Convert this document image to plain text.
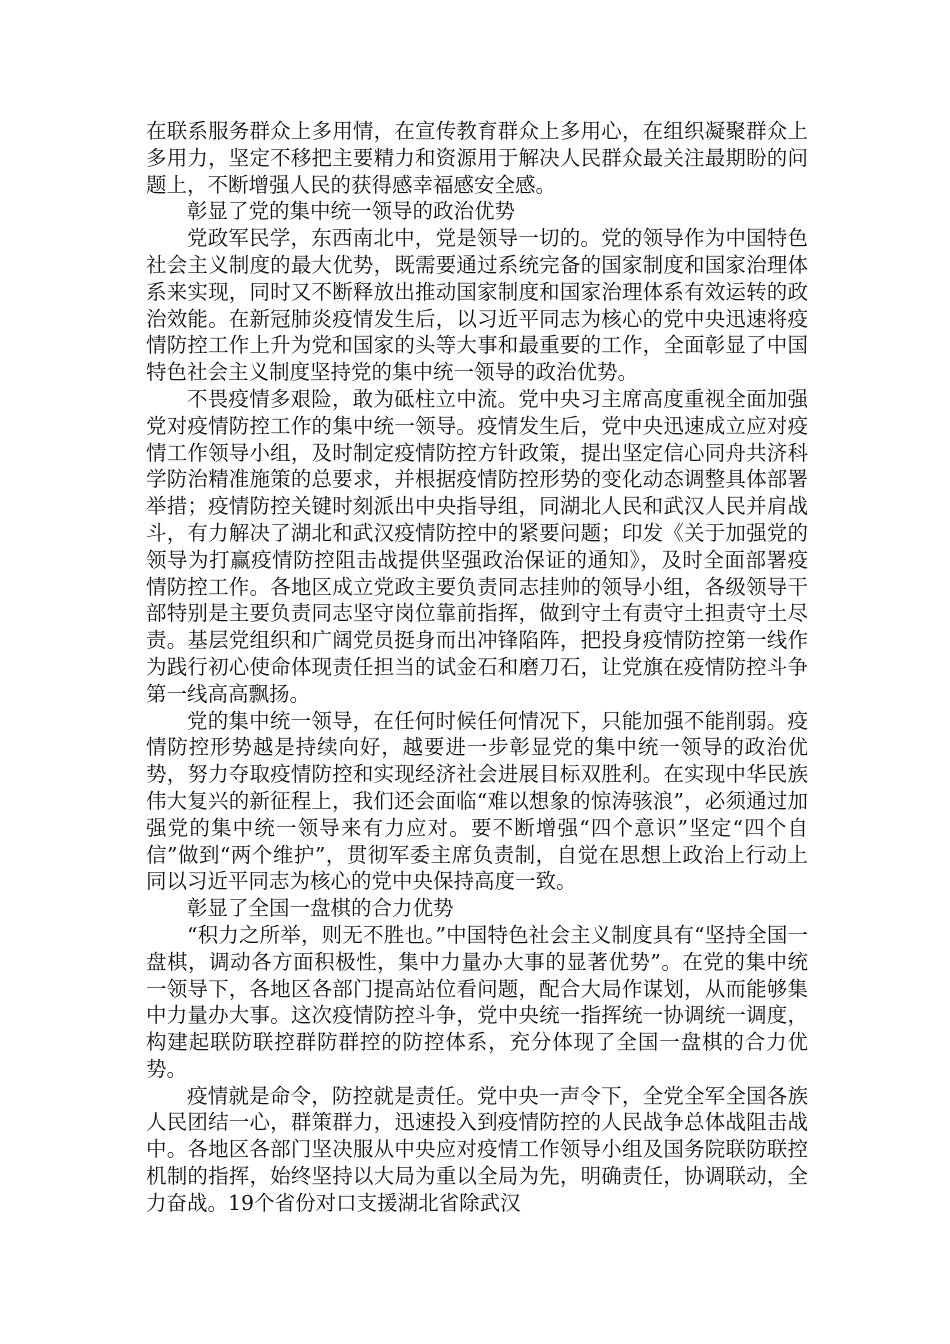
在联系服务群众上多用情，在宣传教育群众上多用心，在组织凝聚群众上多用力，坚定不移把主要精力和资源用于解决人民群众最关注最期盼的问题上，不断增强人民的获得感幸福感安全感。

彰显了党的集中统一领导的政治优势

党政军民学，东西南北中，党是领导一切的。党的领导作为中国特色社会主义制度的最大优势，既需要通过系统完备的国家制度和国家治理体系来实现，同时又不断释放出推动国家制度和国家治理体系有效运转的政治效能。在新冠肺炎疫情发生后，以习近平同志为核心的党中央迅速将疫情防控工作上升为党和国家的头等大事和最重要的工作，全面彰显了中国特色社会主义制度坚持党的集中统一领导的政治优势。

不畏疫情多艰险，敢为砥柱立中流。党中央习主席高度重视全面加强党对疫情防控工作的集中统一领导。疫情发生后，党中央迅速成立应对疫情工作领导小组，及时制定疫情防控方针政策，提出坚定信心同舟共济科学防治精准施策的总要求，并根据疫情防控形势的变化动态调整具体部署举措；疫情防控关键时刻派出中央指导组，同湖北人民和武汉人民并肩战斗，有力解决了湖北和武汉疫情防控中的紧要问题；印发《关于加强党的领导为打赢疫情防控阻击战提供坚强政治保证的通知》，及时全面部署疫情防控工作。各地区成立党政主要负责同志挂帅的领导小组，各级领导干部特别是主要负责同志坚守岗位靠前指挥，做到守土有责守土担责守土尽责。基层党组织和广阔党员挺身而出冲锋陷阵，把投身疫情防控第一线作为践行初心使命体现责任担当的试金石和磨刀石，让党旗在疫情防控斗争第一线高高飘扬。

党的集中统一领导，在任何时候任何情况下，只能加强不能削弱。疫情防控形势越是持续向好，越要进一步彰显党的集中统一领导的政治优势，努力夺取疫情防控和实现经济社会进展目标双胜利。在实现中华民族伟大复兴的新征程上，我们还会面临“难以想象的惊涛骇浪”，必须通过加强党的集中统一领导来有力应对。要不断增强“四个意识”坚定“四个自信”做到“两个维护”，贯彻军委主席负责制，自觉在思想上政治上行动上同以习近平同志为核心的党中央保持高度一致。

彰显了全国一盘棋的合力优势

“积力之所举，则无不胜也。”中国特色社会主义制度具有“坚持全国一盘棋，调动各方面积极性，集中力量办大事的显著优势”。在党的集中统一领导下，各地区各部门提高站位看问题，配合大局作谋划，从而能够集中力量办大事。这次疫情防控斗争，党中央统一指挥统一协调统一调度，构建起联防联控群防群控的防控体系，充分体现了全国一盘棋的合力优势。

疫情就是命令，防控就是责任。党中央一声令下，全党全军全国各族人民团结一心，群策群力，迅速投入到疫情防控的人民战争总体战阻击战中。各地区各部门坚决服从中央应对疫情工作领导小组及国务院联防联控机制的指挥，始终坚持以大局为重以全局为先，明确责任，协调联动，全力奋战。19个省份对口支援湖北省除武汉
